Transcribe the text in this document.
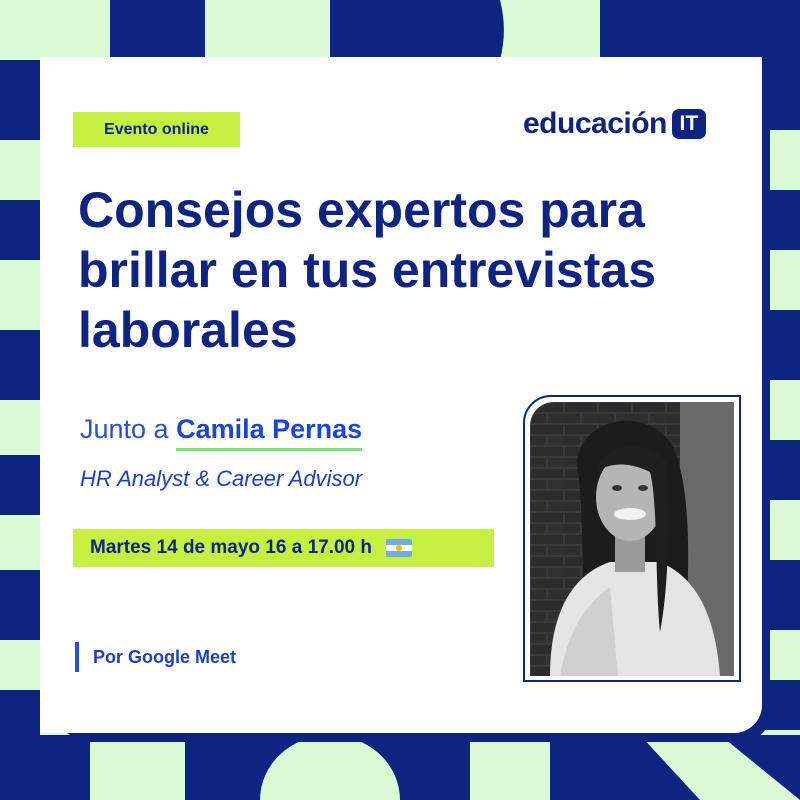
Evento online	educación IT
Consejos expertos para brillar en tus entrevistas laborales
Junto a Camila Pernas
HR Analyst & Career Advisor
Martes 14 de mayo 16 a 17.00 h
Por Google Meet
